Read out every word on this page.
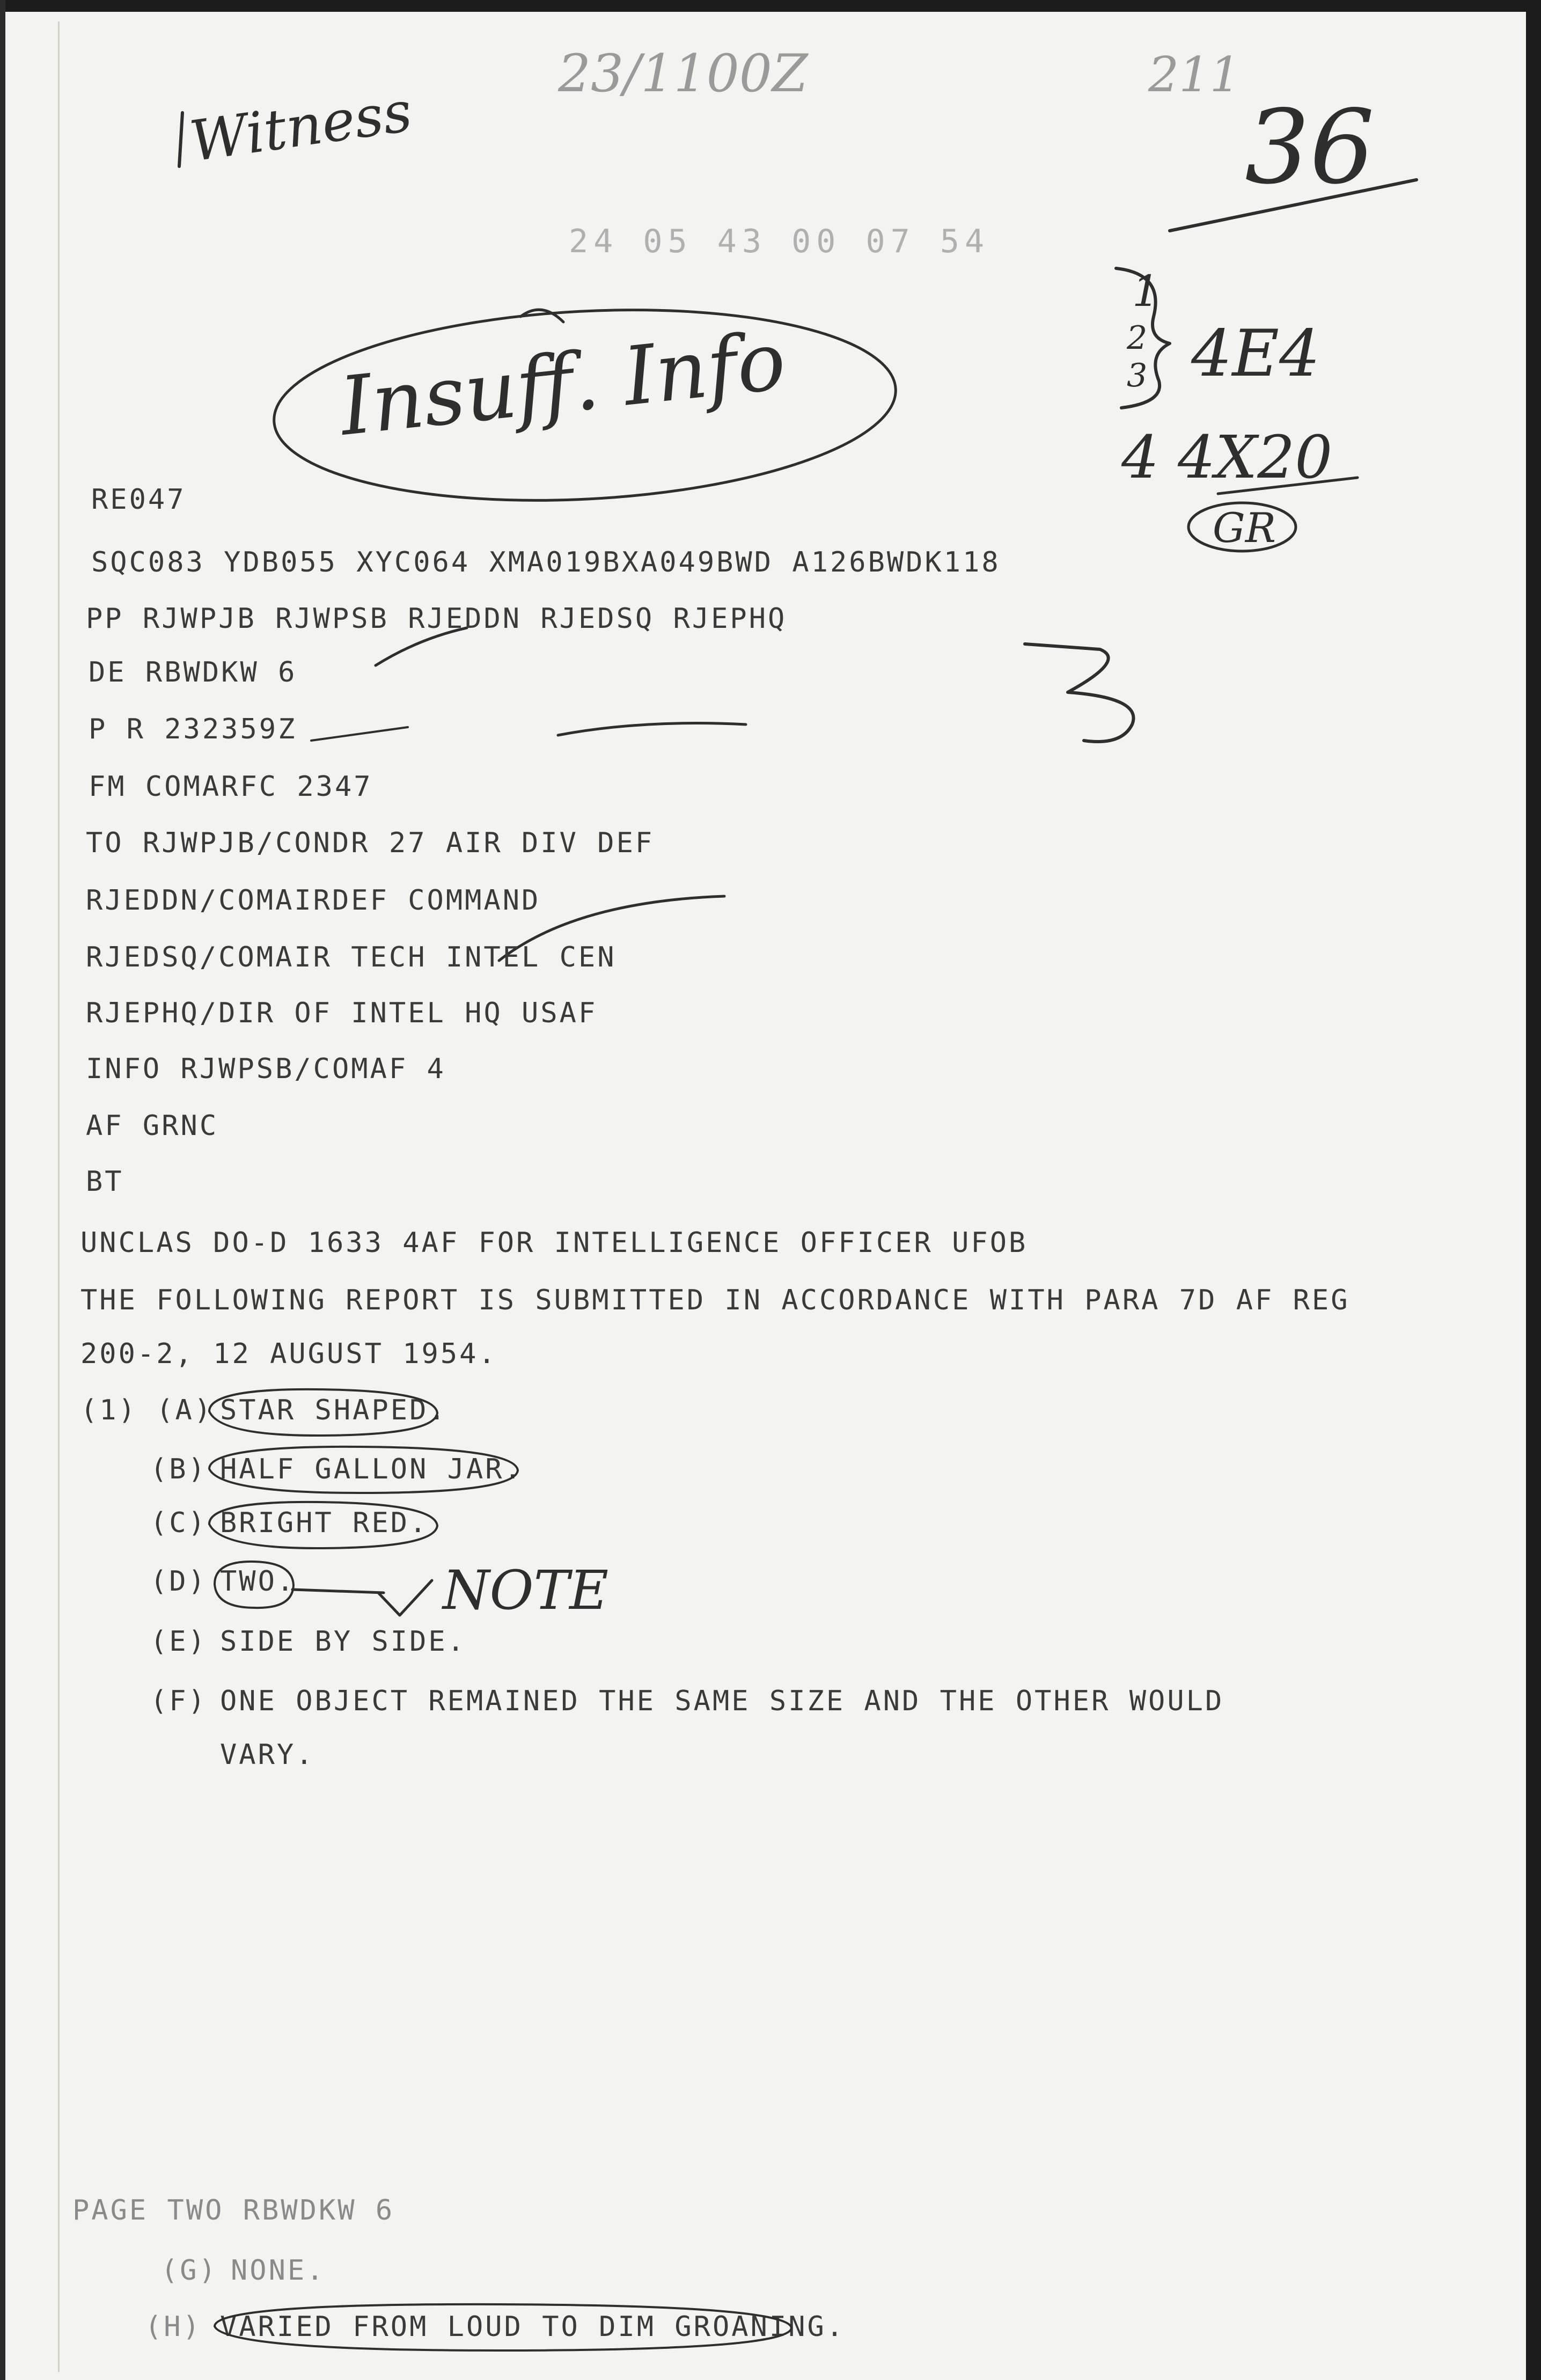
23/1100Z	211
36
Witness
24 05 43 00 07 54
Insuff. Info
1
2
3 4E4
4 4X20
GR
RE047
SQC083 YDB055 XYC064 XMA019BXA049BWD A126BWDK118
PP RJWPJB RJWPSB RJEDDN RJEDSQ RJEPHQ
DE RBWDKW 6
P R 232359Z
FM COMARFC 2347
TO RJWPJB/CONDR 27 AIR DIV DEF
RJEDDN/COMAIRDEF COMMAND
RJEDSQ/COMAIR TECH INTEL CEN
RJEPHQ/DIR OF INTEL HQ USAF
INFO RJWPSB/COMAF 4
AF GRNC
BT
UNCLAS DO-D 1633 4AF FOR INTELLIGENCE OFFICER UFOB
THE FOLLOWING REPORT IS SUBMITTED IN ACCORDANCE WITH PARA 7D AF REG
200-2, 12 AUGUST 1954.
(1) (A) STAR SHAPED.
(B) HALF GALLON JAR.
(C) BRIGHT RED.
(D) TWO.
(E) SIDE BY SIDE.
(F) ONE OBJECT REMAINED THE SAME SIZE AND THE OTHER WOULD
VARY.
NOTE
PAGE TWO RBWDKW 6
(G) NONE.
(H) VARIED FROM LOUD TO DIM GROANING.
